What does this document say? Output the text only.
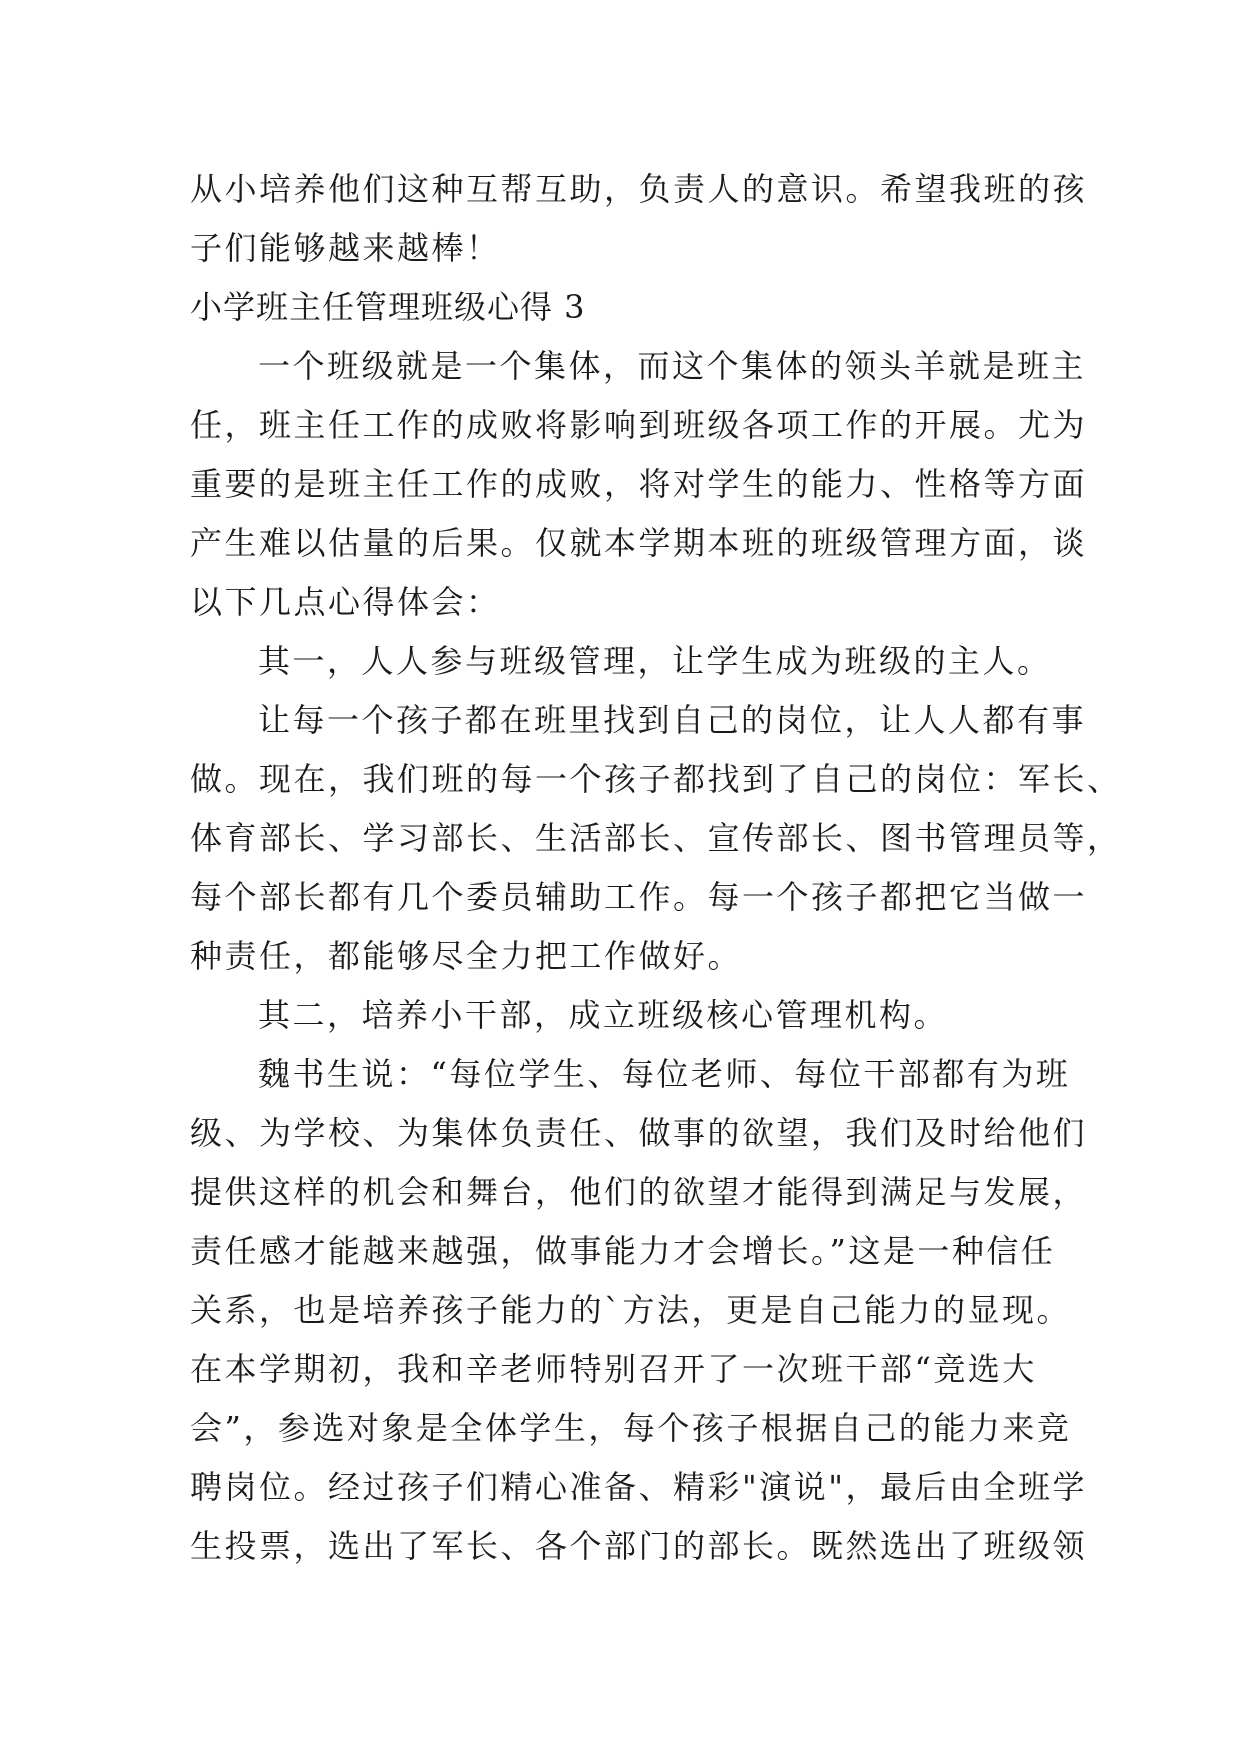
从小培养他们这种互帮互助，负责人的意识。希望我班的孩
子们能够越来越棒！
小学班主任管理班级心得 3
一个班级就是一个集体，而这个集体的领头羊就是班主
任，班主任工作的成败将影响到班级各项工作的开展。尤为
重要的是班主任工作的成败，将对学生的能力、性格等方面
产生难以估量的后果。仅就本学期本班的班级管理方面，谈
以下几点心得体会：
其一，人人参与班级管理，让学生成为班级的主人。
让每一个孩子都在班里找到自己的岗位，让人人都有事
做。现在，我们班的每一个孩子都找到了自己的岗位：军长、
体育部长、学习部长、生活部长、宣传部长、图书管理员等，
每个部长都有几个委员辅助工作。每一个孩子都把它当做一
种责任，都能够尽全力把工作做好。
其二，培养小干部，成立班级核心管理机构。
魏书生说：“每位学生、每位老师、每位干部都有为班
级、为学校、为集体负责任、做事的欲望，我们及时给他们
提供这样的机会和舞台，他们的欲望才能得到满足与发展，
责任感才能越来越强，做事能力才会增长。”这是一种信任
关系，也是培养孩子能力的`方法，更是自己能力的显现。
在本学期初，我和辛老师特别召开了一次班干部“竞选大
会”，参选对象是全体学生，每个孩子根据自己的能力来竞
聘岗位。经过孩子们精心准备、精彩"演说"，最后由全班学
生投票，选出了军长、各个部门的部长。既然选出了班级领
